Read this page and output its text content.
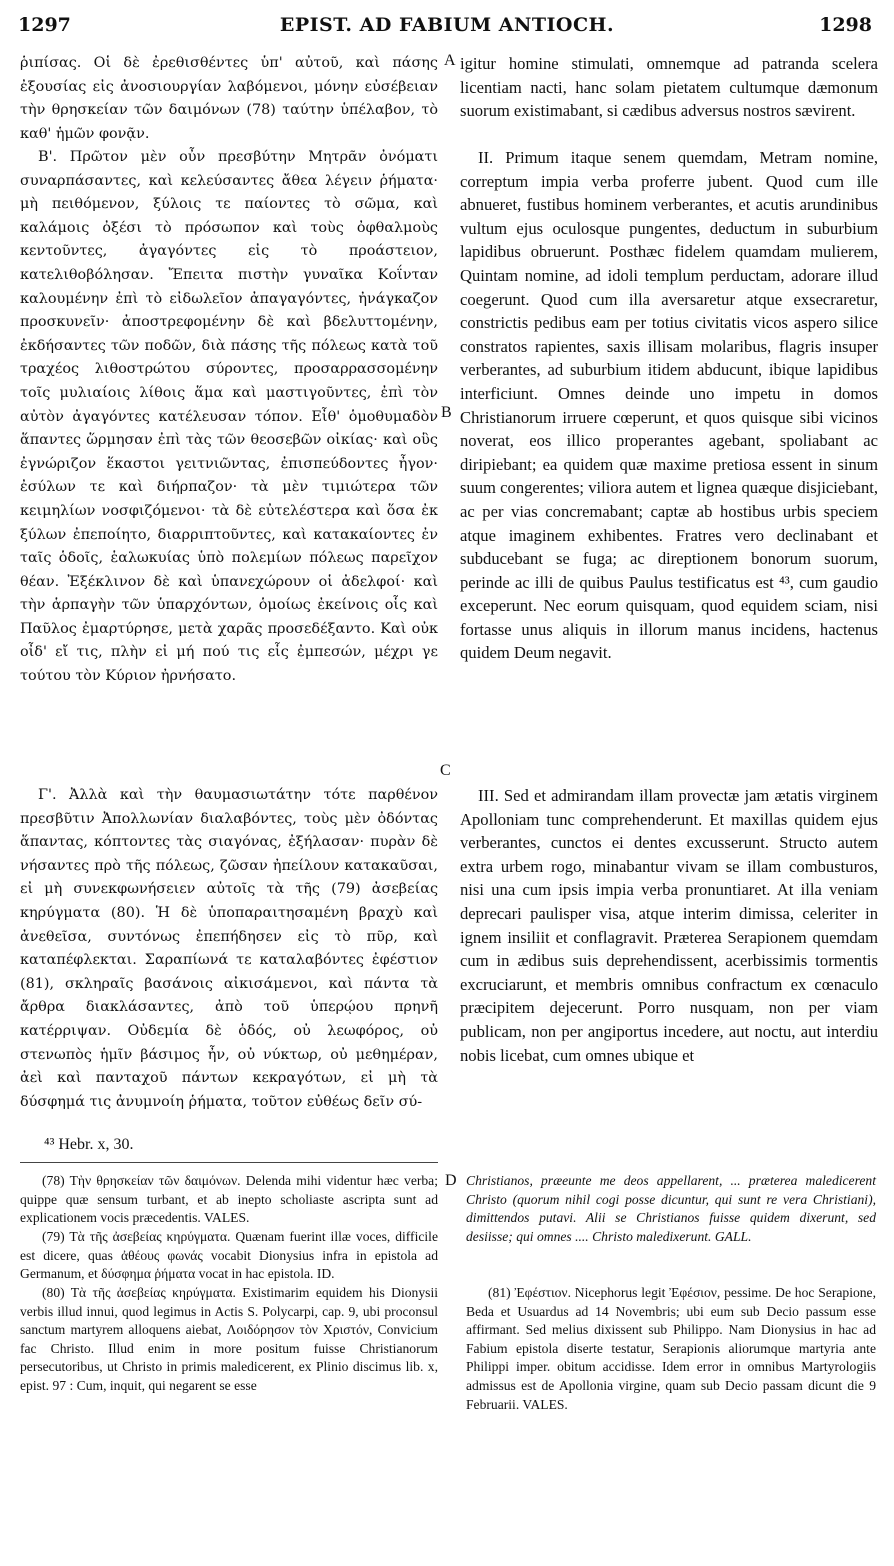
1297	EPIST. AD FABIUM ANTIOCH.	1298

ῥιπίσας. Οἱ δὲ ἐρεθισθέντες ὑπ' αὐτοῦ, καὶ πάσης ἐξουσίας εἰς ἀνοσιουργίαν λαβόμενοι, μόνην εὐσέβειαν τὴν θρησκείαν τῶν δαιμόνων (78) ταύτην ὑπέλαβον, τὸ καθ' ἡμῶν φονᾷν.

Β'. Πρῶτον μὲν οὖν πρεσβύτην Μητρᾶν ὀνόματι συναρπάσαντες, καὶ κελεύσαντες ἄθεα λέγειν ῥήματα· μὴ πειθόμενον, ξύλοις τε παίοντες τὸ σῶμα, καὶ καλάμοις ὀξέσι τὸ πρόσωπον καὶ τοὺς ὀφθαλμοὺς κεντοῦντες, ἀγαγόντες εἰς τὸ προάστειον, κατελιθοβόλησαν. Ἔπειτα πιστὴν γυναῖκα Κοΐνταν καλουμένην ἐπὶ τὸ εἰδωλεῖον ἀπαγαγόντες, ἠνάγκαζον προσκυνεῖν· ἀποστρεφομένην δὲ καὶ βδελυττομένην, ἐκδήσαντες τῶν ποδῶν, διὰ πάσης τῆς πόλεως κατὰ τοῦ τραχέος λιθοστρώτου σύροντες, προσαρρασσομένην τοῖς μυλιαίοις λίθοις ἅμα καὶ μαστιγοῦντες, ἐπὶ τὸν αὐτὸν ἀγαγόντες κατέλευσαν τόπον. Εἶθ' ὁμοθυμαδὸν ἅπαντες ὥρμησαν ἐπὶ τὰς τῶν θεοσεβῶν οἰκίας· καὶ οὓς ἐγνώριζον ἕκαστοι γειτνιῶντας, ἐπισπεύδοντες ἦγον· ἐσύλων τε καὶ διήρπαζον· τὰ μὲν τιμιώτερα τῶν κειμηλίων νοσφιζόμενοι· τὰ δὲ εὐτελέστερα καὶ ὅσα ἐκ ξύλων ἐπεποίητο, διαρριπτοῦντες, καὶ κατακαίοντες ἐν ταῖς ὁδοῖς, ἑαλωκυίας ὑπὸ πολεμίων πόλεως παρεῖχον θέαν. Ἐξέκλινον δὲ καὶ ὑπανεχώρουν οἱ ἀδελφοί· καὶ τὴν ἁρπαγὴν τῶν ὑπαρχόντων, ὁμοίως ἐκείνοις οἷς καὶ Παῦλος ἐμαρτύρησε, μετὰ χαρᾶς προσεδέξαντο. Καὶ οὐκ οἶδ' εἴ τις, πλὴν εἰ μή πού τις εἷς ἐμπεσών, μέχρι γε τούτου τὸν Κύριον ἠρνήσατο.

Γ'. Ἀλλὰ καὶ τὴν θαυμασιωτάτην τότε παρθένον πρεσβῦτιν Ἀπολλωνίαν διαλαβόντες, τοὺς μὲν ὀδόντας ἅπαντας, κόπτοντες τὰς σιαγόνας, ἐξήλασαν· πυρὰν δὲ νήσαντες πρὸ τῆς πόλεως, ζῶσαν ἠπείλουν κατακαῦσαι, εἰ μὴ συνεκφωνήσειεν αὐτοῖς τὰ τῆς (79) ἀσεβείας κηρύγματα (80). Ἡ δὲ ὑποπαραιτησαμένη βραχὺ καὶ ἀνεθεῖσα, συντόνως ἐπεπήδησεν εἰς τὸ πῦρ, καὶ καταπέφλεκται. Σαραπίωνά τε καταλαβόντες ἐφέστιον (81), σκληραῖς βασάνοις αἰκισάμενοι, καὶ πάντα τὰ ἄρθρα διακλάσαντες, ἀπὸ τοῦ ὑπερῴου πρηνῆ κατέρριψαν. Οὐδεμία δὲ ὁδός, οὐ λεωφόρος, οὐ στενωπὸς ἡμῖν βάσιμος ἦν, οὐ νύκτωρ, οὐ μεθημέραν, ἀεὶ καὶ πανταχοῦ πάντων κεκραγότων, εἰ μὴ τὰ δύσφημά τις ἀνυμνοίη ῥήματα, τοῦτον εὐθέως δεῖν σύ-

A
B
C
D

igitur homine stimulati, omnemque ad patranda scelera licentiam nacti, hanc solam pietatem cultumque dæmonum suorum existimabant, si cædibus adversus nostros sævirent.

II. Primum itaque senem quemdam, Metram nomine, correptum impia verba proferre jubent. Quod cum ille abnueret, fustibus hominem verberantes, et acutis arundinibus vultum ejus oculosque pungentes, deductum in suburbium lapidibus obruerunt. Posthæc fidelem quamdam mulierem, Quintam nomine, ad idoli templum perductam, adorare illud coegerunt. Quod cum illa aversaretur atque exsecraretur, constrictis pedibus eam per totius civitatis vicos aspero silice constratos rapientes, saxis illisam molaribus, flagris insuper verberantes, ad suburbium itidem abducunt, ibique lapidibus interficiunt. Omnes deinde uno impetu in domos Christianorum irruere cœperunt, et quos quisque sibi vicinos noverat, eos illico properantes agebant, spoliabant ac diripiebant; ea quidem quæ maxime pretiosa essent in sinum suum congerentes; viliora autem et lignea quæque disjiciebant, ac per vias concremabant; captæ ab hostibus urbis speciem atque imaginem exhibentes. Fratres vero declinabant et subducebant se fuga; ac direptionem bonorum suorum, perinde ac illi de quibus Paulus testificatus est ⁴³, cum gaudio exceperunt. Nec eorum quisquam, quod equidem sciam, nisi fortasse unus aliquis in illorum manus incidens, hactenus quidem Deum negavit.

III. Sed et admirandam illam provectæ jam ætatis virginem Apolloniam tunc comprehenderunt. Et maxillas quidem ejus verberantes, cunctos ei dentes excusserunt. Structo autem extra urbem rogo, minabantur vivam se illam combusturos, nisi una cum ipsis impia verba pronuntiaret. At illa veniam deprecari paulisper visa, atque interim dimissa, celeriter in ignem insiliit et conflagravit. Præterea Serapionem quemdam cum in ædibus suis deprehendissent, acerbissimis tormentis excruciarunt, et membris omnibus confractum ex cœnaculo præcipitem dejecerunt. Porro nusquam, non per viam publicam, non per angiportus incedere, aut noctu, aut interdiu nobis licebat, cum omnes ubique et

⁴³ Hebr. x, 30.

(78) Τὴν θρησκείαν τῶν δαιμόνων. Delenda mihi videntur hæc verba; quippe quæ sensum turbant, et ab inepto scholiaste ascripta sunt ad explicationem vocis præcedentis. VALES.

(79) Τὰ τῆς ἀσεβείας κηρύγματα. Quænam fuerint illæ voces, difficile est dicere, quas ἀθέους φωνάς vocabit Dionysius infra in epistola ad Germanum, et δύσφημα ῥήματα vocat in hac epistola. ID.

(80) Τὰ τῆς ἀσεβείας κηρύγματα. Existimarim equidem his Dionysii verbis illud innui, quod legimus in Actis S. Polycarpi, cap. 9, ubi proconsul sanctum martyrem alloquens aiebat, Λοιδόρησον τὸν Χριστόν, Convicium fac Christo. Illud enim in more positum fuisse Christianorum persecutoribus, ut Christo in primis maledicerent, ex Plinio discimus lib. x, epist. 97 : Cum, inquit, qui negarent se esse

Christianos, præeunte me deos appellarent, ... præterea maledicerent Christo (quorum nihil cogi posse dicuntur, qui sunt re vera Christiani), dimittendos putavi. Alii se Christianos fuisse quidem dixerunt, sed desiisse; qui omnes .... Christo maledixerunt. GALL.

(81) Ἐφέστιον. Nicephorus legit Ἐφέσιον, pessime. De hoc Serapione, Beda et Usuardus ad 14 Novembris; ubi eum sub Decio passum esse affirmant. Sed melius dixissent sub Philippo. Nam Dionysius in hac ad Fabium epistola diserte testatur, Serapionis aliorumque martyria ante Philippi imper. obitum accidisse. Idem error in omnibus Martyrologiis admissus est de Apollonia virgine, quam sub Decio passam dicunt die 9 Februarii. VALES.
